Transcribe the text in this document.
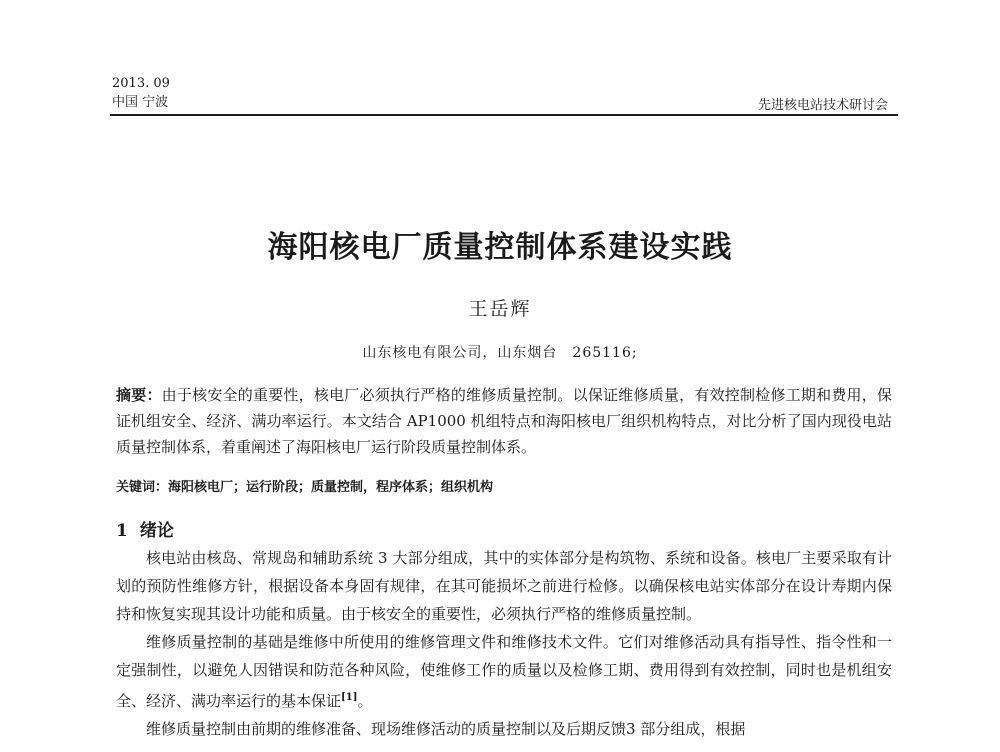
2013. 09
中国 宁波	先进核电站技术研讨会
海阳核电厂质量控制体系建设实践
王岳辉
山东核电有限公司，山东烟台　265116;
摘要：由于核安全的重要性，核电厂必须执行严格的维修质量控制。以保证维修质量，有效控制检修工期和费用，保证机组安全、经济、满功率运行。本文结合 AP1000 机组特点和海阳核电厂组织机构特点，对比分析了国内现役电站质量控制体系，着重阐述了海阳核电厂运行阶段质量控制体系。
关键词：海阳核电厂；运行阶段；质量控制，程序体系；组织机构
1 绪论

核电站由核岛、常规岛和辅助系统 3 大部分组成，其中的实体部分是构筑物、系统和设备。核电厂主要采取有计划的预防性维修方针，根据设备本身固有规律，在其可能损坏之前进行检修。以确保核电站实体部分在设计寿期内保持和恢复实现其设计功能和质量。由于核安全的重要性，必须执行严格的维修质量控制。

维修质量控制的基础是维修中所使用的维修管理文件和维修技术文件。它们对维修活动具有指导性、指令性和一定强制性，以避免人因错误和防范各种风险，使维修工作的质量以及检修工期、费用得到有效控制，同时也是机组安全、经济、满功率运行的基本保证[1]。

维修质量控制由前期的维修准备、现场维修活动的质量控制以及后期反馈3 部分组成，根据
